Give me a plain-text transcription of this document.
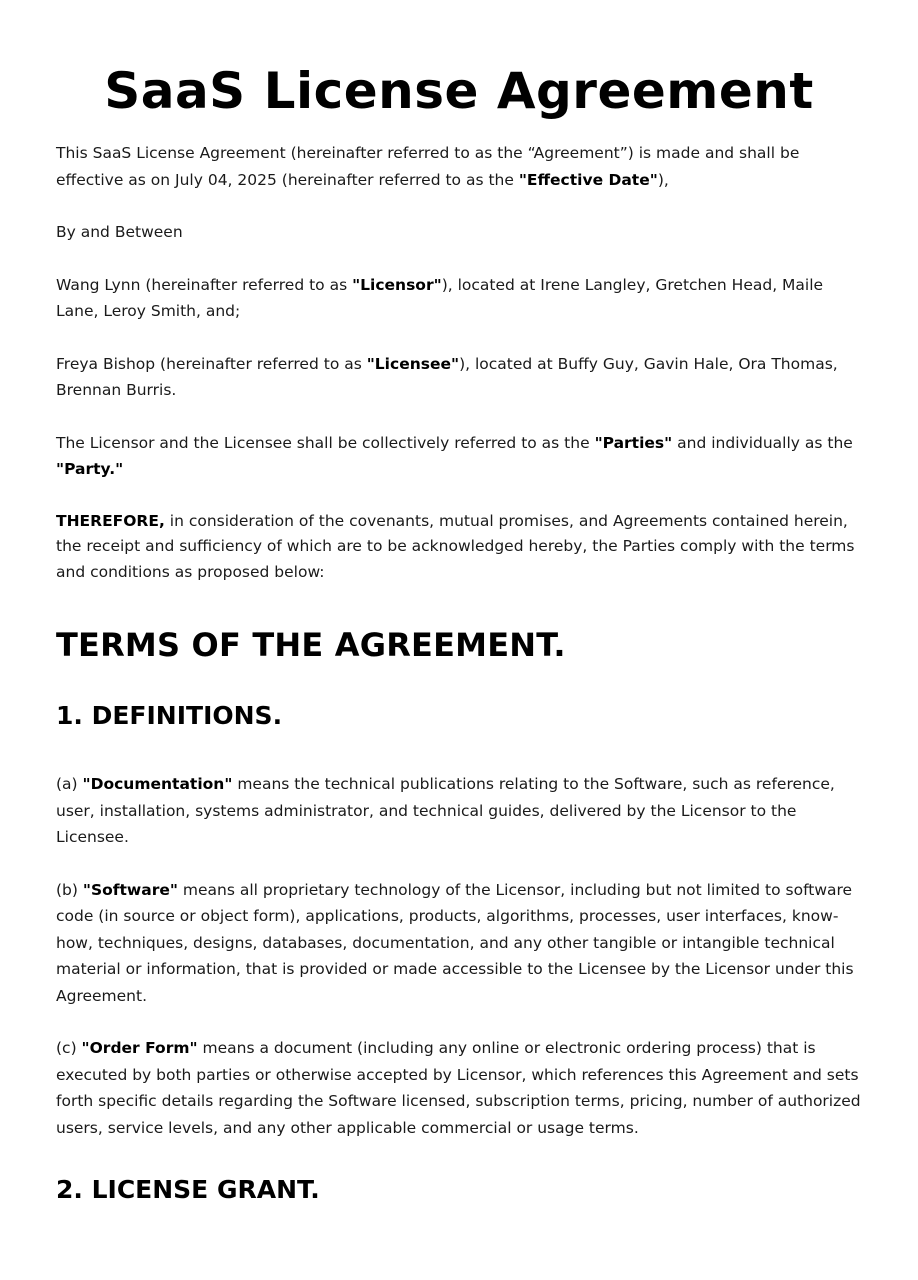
SaaS License Agreement

This SaaS License Agreement (hereinafter referred to as the “Agreement”) is made and shall be effective as on July 04, 2025 (hereinafter referred to as the "Effective Date"),

By and Between

Wang Lynn (hereinafter referred to as "Licensor"), located at Irene Langley, Gretchen Head, Maile Lane, Leroy Smith, and;

Freya Bishop (hereinafter referred to as "Licensee"), located at Buffy Guy, Gavin Hale, Ora Thomas, Brennan Burris.

The Licensor and the Licensee shall be collectively referred to as the "Parties" and individually as the "Party."

THEREFORE, in consideration of the covenants, mutual promises, and Agreements contained herein, the receipt and sufficiency of which are to be acknowledged hereby, the Parties comply with the terms and conditions as proposed below:

TERMS OF THE AGREEMENT.
1. DEFINITIONS.

(a) "Documentation" means the technical publications relating to the Software, such as reference, user, installation, systems administrator, and technical guides, delivered by the Licensor to the Licensee.

(b) "Software" means all proprietary technology of the Licensor, including but not limited to software code (in source or object form), applications, products, algorithms, processes, user interfaces, know-how, techniques, designs, databases, documentation, and any other tangible or intangible technical material or information, that is provided or made accessible to the Licensee by the Licensor under this Agreement.

(c) "Order Form" means a document (including any online or electronic ordering process) that is executed by both parties or otherwise accepted by Licensor, which references this Agreement and sets forth specific details regarding the Software licensed, subscription terms, pricing, number of authorized users, service levels, and any other applicable commercial or usage terms.

2. LICENSE GRANT.
